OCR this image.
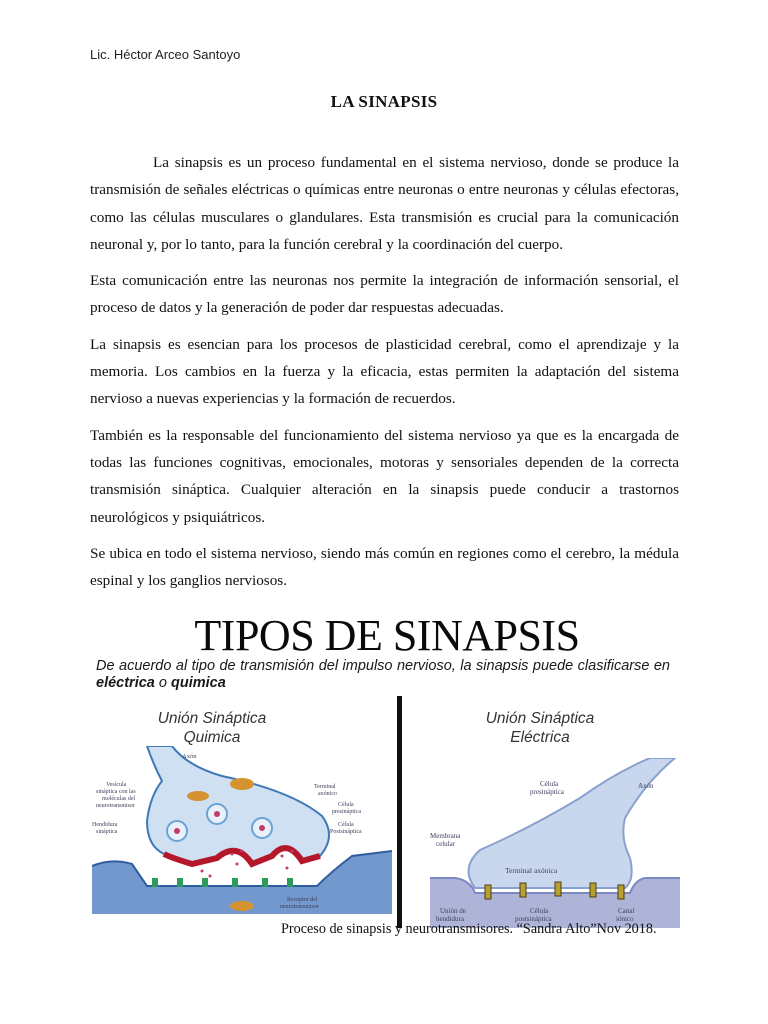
Lic. Héctor Arceo Santoyo
LA SINAPSIS

La sinapsis es un proceso fundamental en el sistema nervioso, donde se produce la transmisión de señales eléctricas o químicas entre neuronas o entre neuronas y células efectoras, como las células musculares o glandulares. Esta transmisión es crucial para la comunicación neuronal y, por lo tanto, para la función cerebral y la coordinación del cuerpo.

Esta comunicación entre las neuronas nos permite la integración de información sensorial, el proceso de datos y la generación de poder dar respuestas adecuadas.

La sinapsis es esencian para los procesos de plasticidad cerebral, como el aprendizaje y la memoria. Los cambios en la fuerza y la eficacia, estas permiten la adaptación del sistema nervioso a nuevas experiencias y la formación de recuerdos.

También es la responsable del funcionamiento del sistema nervioso ya que es la encargada de todas las funciones cognitivas, emocionales, motoras y sensoriales dependen de la correcta transmisión sináptica. Cualquier alteración en la sinapsis puede conducir a trastornos neurológicos y psiquiátricos.

Se ubica en todo el sistema nervioso, siendo más común en regiones como el cerebro, la médula espinal y los ganglios nerviosos.

TIPOS DE SINAPSIS
De acuerdo al tipo de transmisión del impulso nervioso, la sinapsis puede clasificarse en eléctrica o quimica
Unión Sináptica
Quimica
Unión Sináptica
Eléctrica
Axón
Vesícula
sináptica con las
moléculas del
neurotransmisor
Hendidura
sináptica
Terminal
axónico
Célula
presináptica
Célula
Postsináptica
Receptor del
neurotransmisor
Célula
presináptica
Axón
Membrana
celular
Terminal axónica
Unión de
hendidura
Célula
postsináptica
Canal
iónico
Proceso de sinapsis y neurotransmisores. “Sandra Alto”Nov 2018.
